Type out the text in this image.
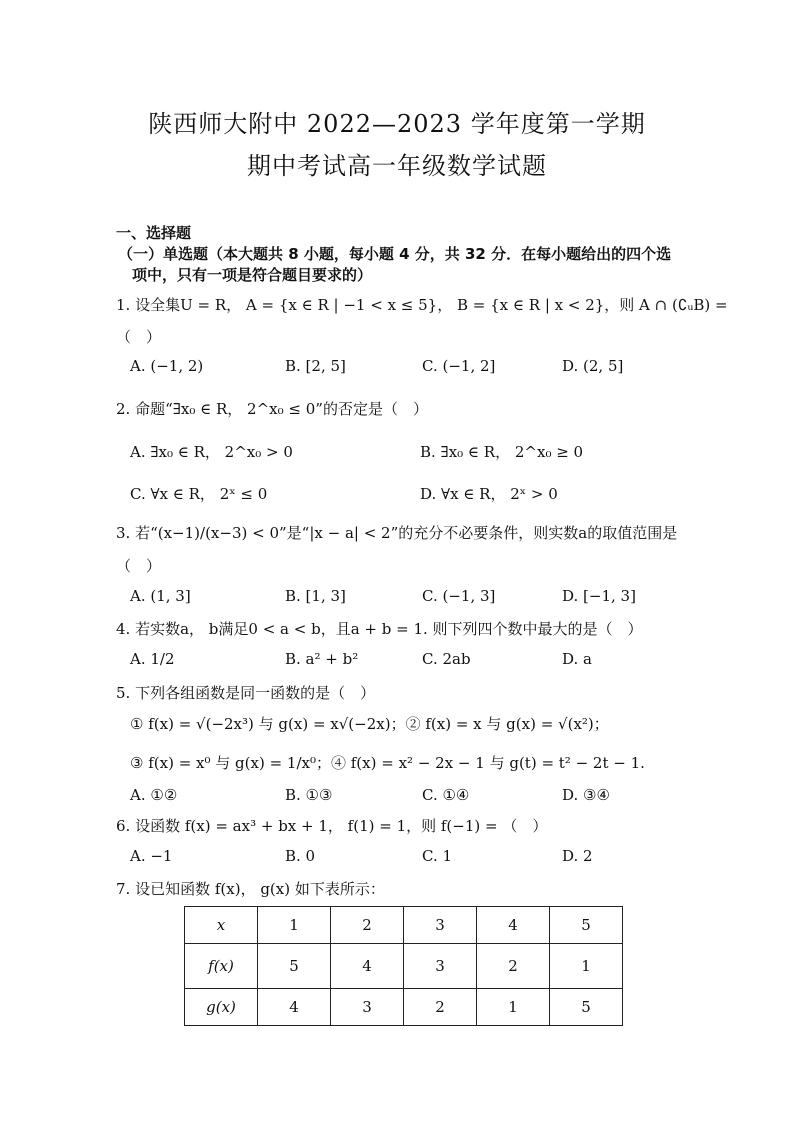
陕西师大附中 2022—2023 学年度第一学期
期中考试高一年级数学试题
一、选择题
（一）单选题（本大题共 8 小题，每小题 4 分，共 32 分．在每小题给出的四个选
项中，只有一项是符合题目要求的）
1. 设全集U = R， A = {x ∈ R | −1 < x ≤ 5}， B = {x ∈ R | x < 2}，则 A ∩ (∁ᵤB) =
（　）
A. (−1, 2)	B. [2, 5]	C. (−1, 2]	D. (2, 5]
2. 命题“∃x₀ ∈ R， 2^x₀ ≤ 0”的否定是（　）
A. ∃x₀ ∈ R， 2^x₀ > 0	B. ∃x₀ ∈ R， 2^x₀ ≥ 0
C. ∀x ∈ R， 2ˣ ≤ 0	D. ∀x ∈ R， 2ˣ > 0
3. 若“(x−1)/(x−3) < 0”是“|x − a| < 2”的充分不必要条件，则实数a的取值范围是
（　）
A. (1, 3]	B. [1, 3]	C. (−1, 3]	D. [−1, 3]
4. 若实数a， b满足0 < a < b，且a + b = 1. 则下列四个数中最大的是（　）
A. 1/2	B. a² + b²	C. 2ab	D. a
5. 下列各组函数是同一函数的是（　）
① f(x) = √(−2x³) 与 g(x) = x√(−2x)；② f(x) = x 与 g(x) = √(x²)；
③ f(x) = x⁰ 与 g(x) = 1/x⁰；④ f(x) = x² − 2x − 1 与 g(t) = t² − 2t − 1.
A. ①②	B. ①③	C. ①④	D. ③④
6. 设函数 f(x) = ax³ + bx + 1， f(1) = 1，则 f(−1) = （　）
A. −1	B. 0	C. 1	D. 2
7. 设已知函数 f(x)， g(x) 如下表所示：
x	1	2	3	4	5
f(x)	5	4	3	2	1
g(x)	4	3	2	1	5
